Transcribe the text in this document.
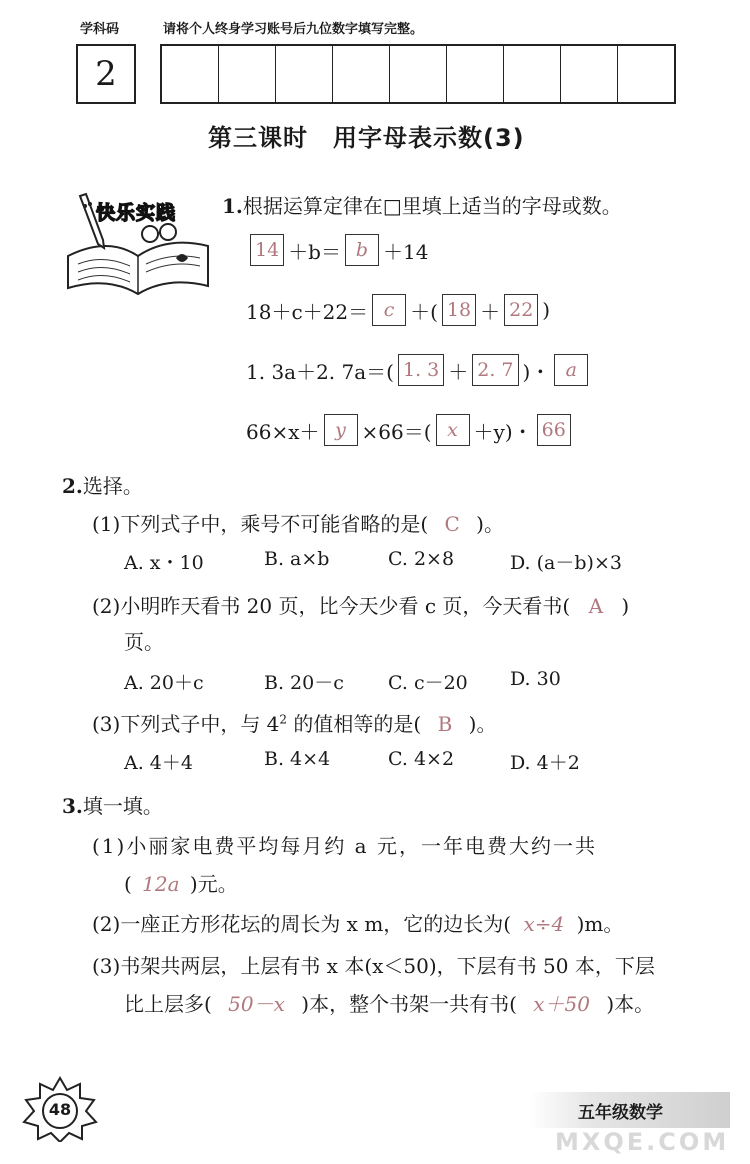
学科码	请将个人终身学习账号后九位数字填写完整。
2
第三课时　用字母表示数(3)
快乐实践 1.根据运算定律在□里填上适当的字母或数。
14 ＋b＝ b ＋14
18＋c＋22＝ c ＋( 18 ＋ 22 )
1. 3a＋2. 7a＝( 1. 3 ＋ 2. 7 )・ a
66×x＋ y ×66＝( x ＋y)・ 66
2.选择。
(1)下列式子中，乘号不可能省略的是( C )。
A. x・10	B. a×b	C. 2×8	D. (a－b)×3
(2)小明昨天看书 20 页，比今天少看 c 页，今天看书( A )
页。
A. 20＋c	B. 20－c	C. c－20	D. 30
(3)下列式子中，与 $4^2$ 的值相等的是( B )。
A. 4＋4	B. 4×4	C. 4×2	D. 4＋2
3.填一填。
(1)小丽家电费平均每月约 a 元，一年电费大约一共
( 12a )元。
(2)一座正方形花坛的周长为 x m，它的边长为( x÷4 )m。
(3)书架共两层，上层有书 x 本(x＜50)，下层有书 50 本，下层
比上层多( 50－x )本，整个书架一共有书( x＋50 )本。
48	五年级数学
MXQE.COM
